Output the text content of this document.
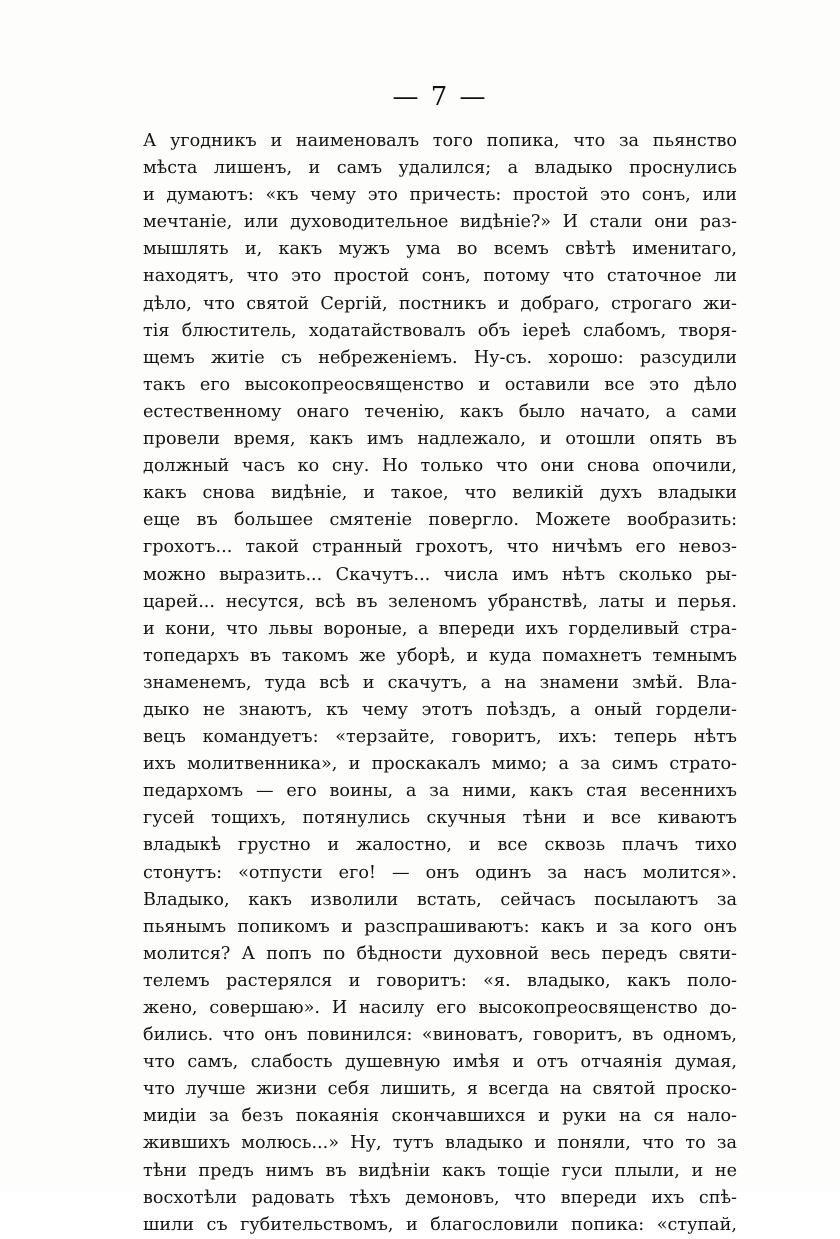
— 7 —
А угодникъ и наименовалъ того попика, что за пьянство
мѣста лишенъ, и самъ удалился; а владыко проснулись
и думаютъ: «къ чему это причесть: простой это сонъ, или
мечтаніе, или духоводительное видѣніе?» И стали они раз-
мышлять и, какъ мужъ ума во всемъ свѣтѣ именитаго,
находятъ, что это простой сонъ, потому что статочное ли
дѣло, что святой Сергій, постникъ и добраго, строгаго жи-
тія блюститель, ходатайствовалъ объ іереѣ слабомъ, творя-
щемъ житіе съ небреженіемъ. Ну-съ. хорошо: разсудили
такъ его высокопреосвященство и оставили все это дѣло
естественному онаго теченію, какъ было начато, а сами
провели время, какъ имъ надлежало, и отошли опять въ
должный часъ ко сну. Но только что они снова опочили,
какъ снова видѣніе, и такое, что великій духъ владыки
еще въ большее смятеніе повергло. Можете вообразить:
грохотъ... такой странный грохотъ, что ничѣмъ его невоз-
можно выразить... Скачутъ... числа имъ нѣтъ сколько ры-
царей... несутся, всѣ въ зеленомъ убранствѣ, латы и перья.
и кони, что львы вороные, а впереди ихъ горделивый стра-
топедархъ въ такомъ же уборѣ, и куда помахнетъ темнымъ
знаменемъ, туда всѣ и скачутъ, а на знамени змѣй. Вла-
дыко не знаютъ, къ чему этотъ поѣздъ, а оный гордели-
вецъ командуетъ: «терзайте, говоритъ, ихъ: теперь нѣтъ
ихъ молитвенника», и проскакалъ мимо; а за симъ страто-
педархомъ — его воины, а за ними, какъ стая весеннихъ
гусей тощихъ, потянулись скучныя тѣни и все киваютъ
владыкѣ грустно и жалостно, и все сквозь плачъ тихо
стонутъ: «отпусти его! — онъ одинъ за насъ молится».
Владыко, какъ изволили встать, сейчасъ посылаютъ за
пьянымъ попикомъ и разспрашиваютъ: какъ и за кого онъ
молится? А попъ по бѣдности духовной весь передъ святи-
телемъ растерялся и говоритъ: «я. владыко, какъ поло-
жено, совершаю». И насилу его высокопреосвященство до-
бились. что онъ повинился: «виноватъ, говоритъ, въ одномъ,
что самъ, слабость душевную имѣя и отъ отчаянія думая,
что лучше жизни себя лишить, я всегда на святой проско-
мидіи за безъ покаянія скончавшихся и руки на ся нало-
жившихъ молюсь...» Ну, тутъ владыко и поняли, что то за
тѣни предъ нимъ въ видѣніи какъ тощіе гуси плыли, и не
восхотѣли радовать тѣхъ демоновъ, что впереди ихъ спѣ-
шили съ губительствомъ, и благословили попика: «ступай,
